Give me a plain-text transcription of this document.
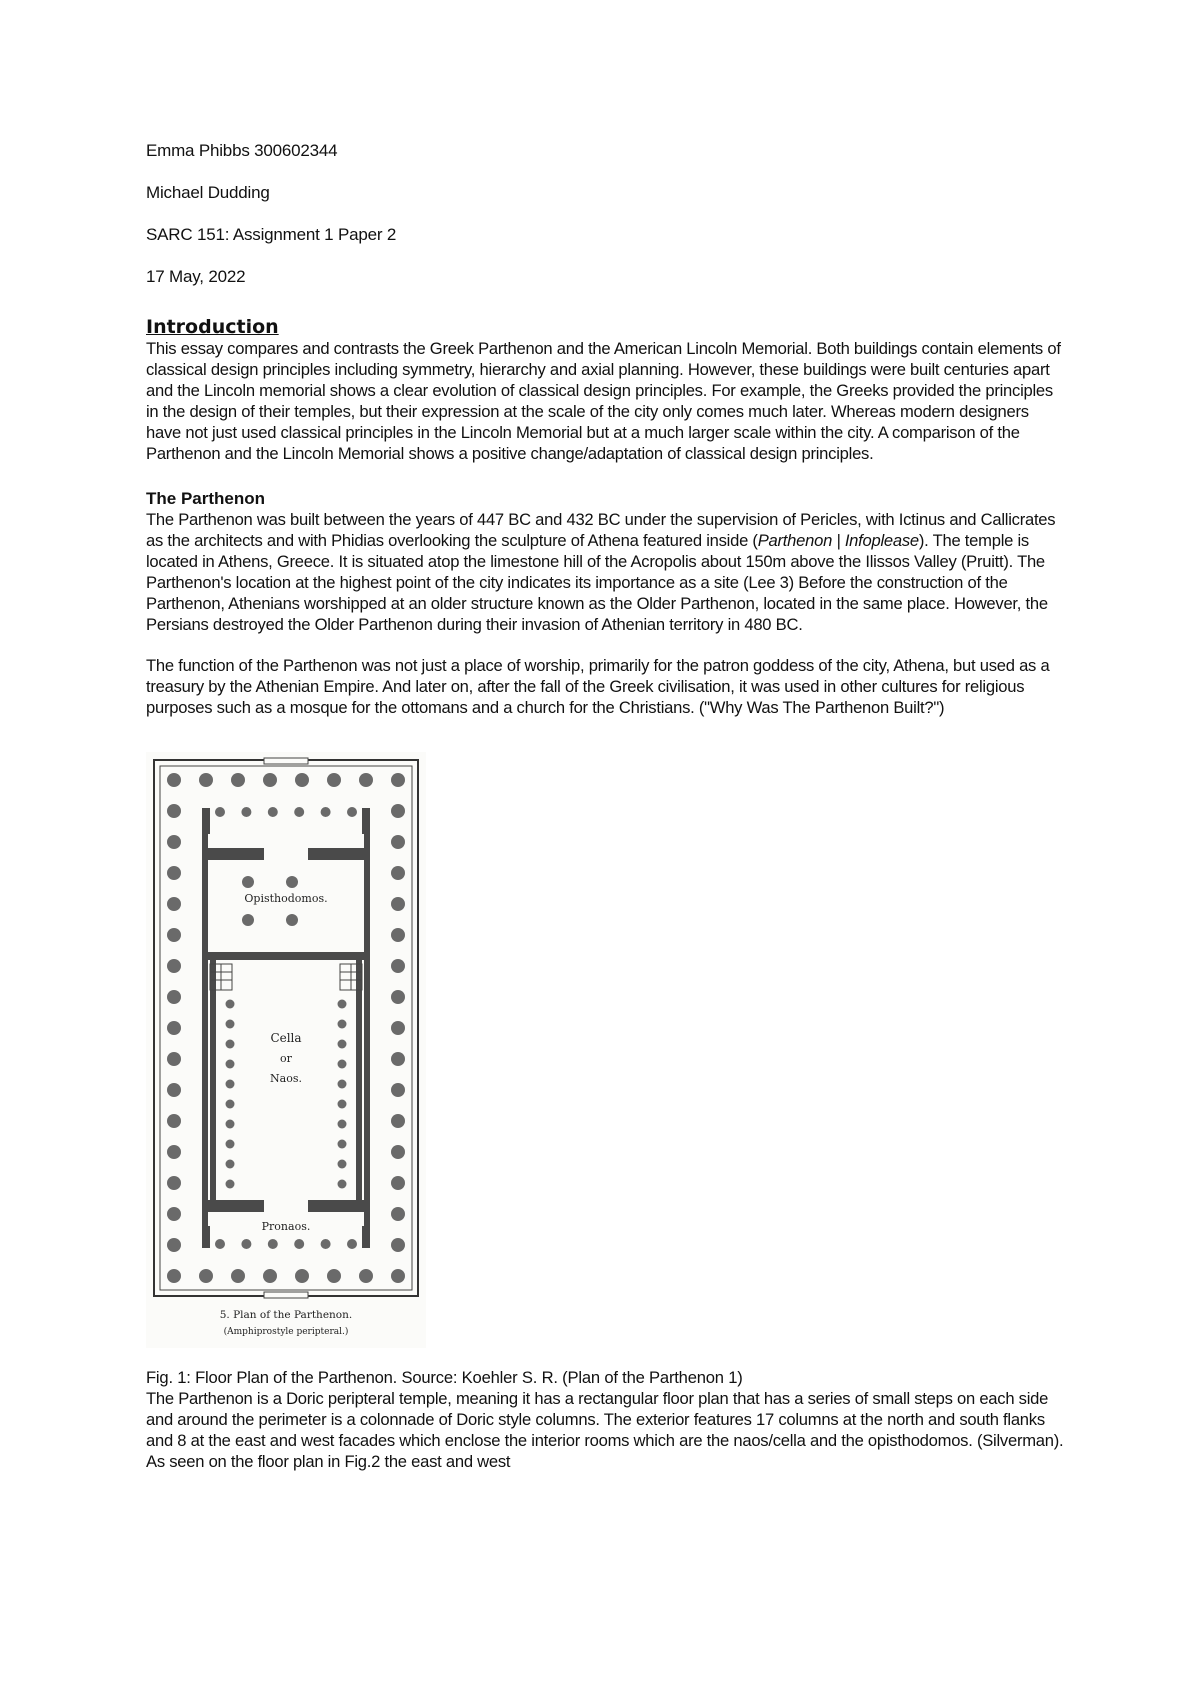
Emma Phibbs 300602344
Michael Dudding
SARC 151: Assignment 1 Paper 2
17 May, 2022
Introduction

This essay compares and contrasts the Greek Parthenon and the American Lincoln Memorial. Both buildings contain elements of classical design principles including symmetry, hierarchy and axial planning. However, these buildings were built centuries apart and the Lincoln memorial shows a clear evolution of classical design principles. For example, the Greeks provided the principles in the design of their temples, but their expression at the scale of the city only comes much later. Whereas modern designers have not just used classical principles in the Lincoln Memorial but at a much larger scale within the city. A comparison of the Parthenon and the Lincoln Memorial shows a positive change/adaptation of classical design principles.

The Parthenon

The Parthenon was built between the years of 447 BC and 432 BC under the supervision of Pericles, with Ictinus and Callicrates as the architects and with Phidias overlooking the sculpture of Athena featured inside (Parthenon | Infoplease). The temple is located in Athens, Greece. It is situated atop the limestone hill of the Acropolis about 150m above the Ilissos Valley (Pruitt). The Parthenon's location at the highest point of the city indicates its importance as a site (Lee 3) Before the construction of the Parthenon, Athenians worshipped at an older structure known as the Older Parthenon, located in the same place. However, the Persians destroyed the Older Parthenon during their invasion of Athenian territory in 480 BC.

The function of the Parthenon was not just a place of worship, primarily for the patron goddess of the city, Athena, but used as a treasury by the Athenian Empire. And later on, after the fall of the Greek civilisation, it was used in other cultures for religious purposes such as a mosque for the ottomans and a church for the Christians. ("Why Was The Parthenon Built?")

Opisthodomos.
Cella
or
Naos.
Pronaos.
5. Plan of the Parthenon.
(Amphiprostyle peripteral.)

Fig. 1: Floor Plan of the Parthenon. Source: Koehler S. R. (Plan of the Parthenon 1)

The Parthenon is a Doric peripteral temple, meaning it has a rectangular floor plan that has a series of small steps on each side and around the perimeter is a colonnade of Doric style columns. The exterior features 17 columns at the north and south flanks and 8 at the east and west facades which enclose the interior rooms which are the naos/cella and the opisthodomos. (Silverman). As seen on the floor plan in Fig.2 the east and west
